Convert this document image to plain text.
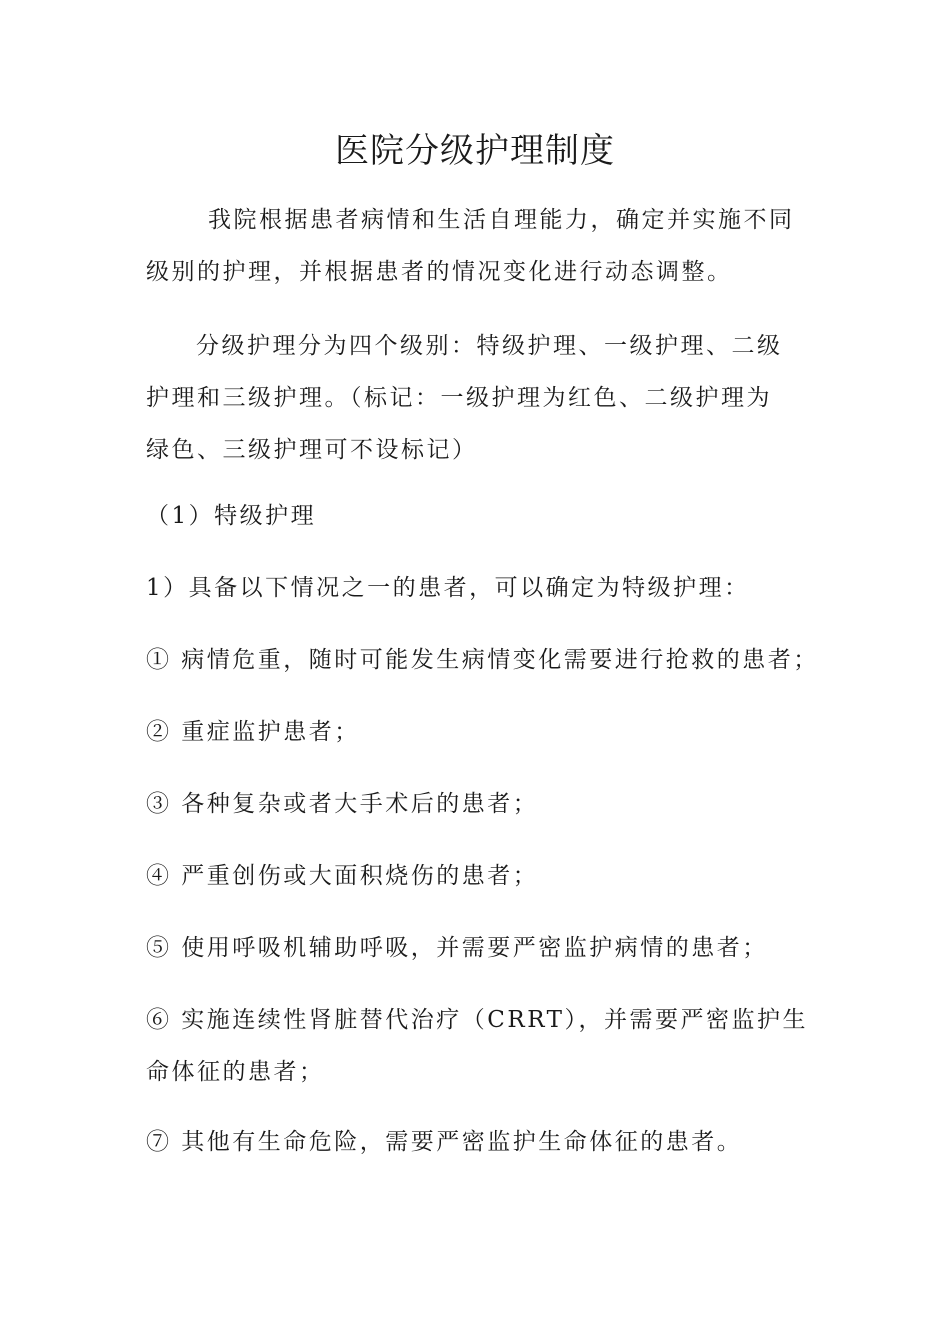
医院分级护理制度
我院根据患者病情和生活自理能力，确定并实施不同
级别的护理，并根据患者的情况变化进行动态调整。
分级护理分为四个级别：特级护理、一级护理、二级
护理和三级护理。（标记：一级护理为红色、二级护理为
绿色、三级护理可不设标记）
（1）特级护理
1）具备以下情况之一的患者，可以确定为特级护理：
① 病情危重，随时可能发生病情变化需要进行抢救的患者；
② 重症监护患者；
③ 各种复杂或者大手术后的患者；
④ 严重创伤或大面积烧伤的患者；
⑤ 使用呼吸机辅助呼吸，并需要严密监护病情的患者；
⑥ 实施连续性肾脏替代治疗（CRRT），并需要严密监护生
命体征的患者；
⑦ 其他有生命危险，需要严密监护生命体征的患者。
